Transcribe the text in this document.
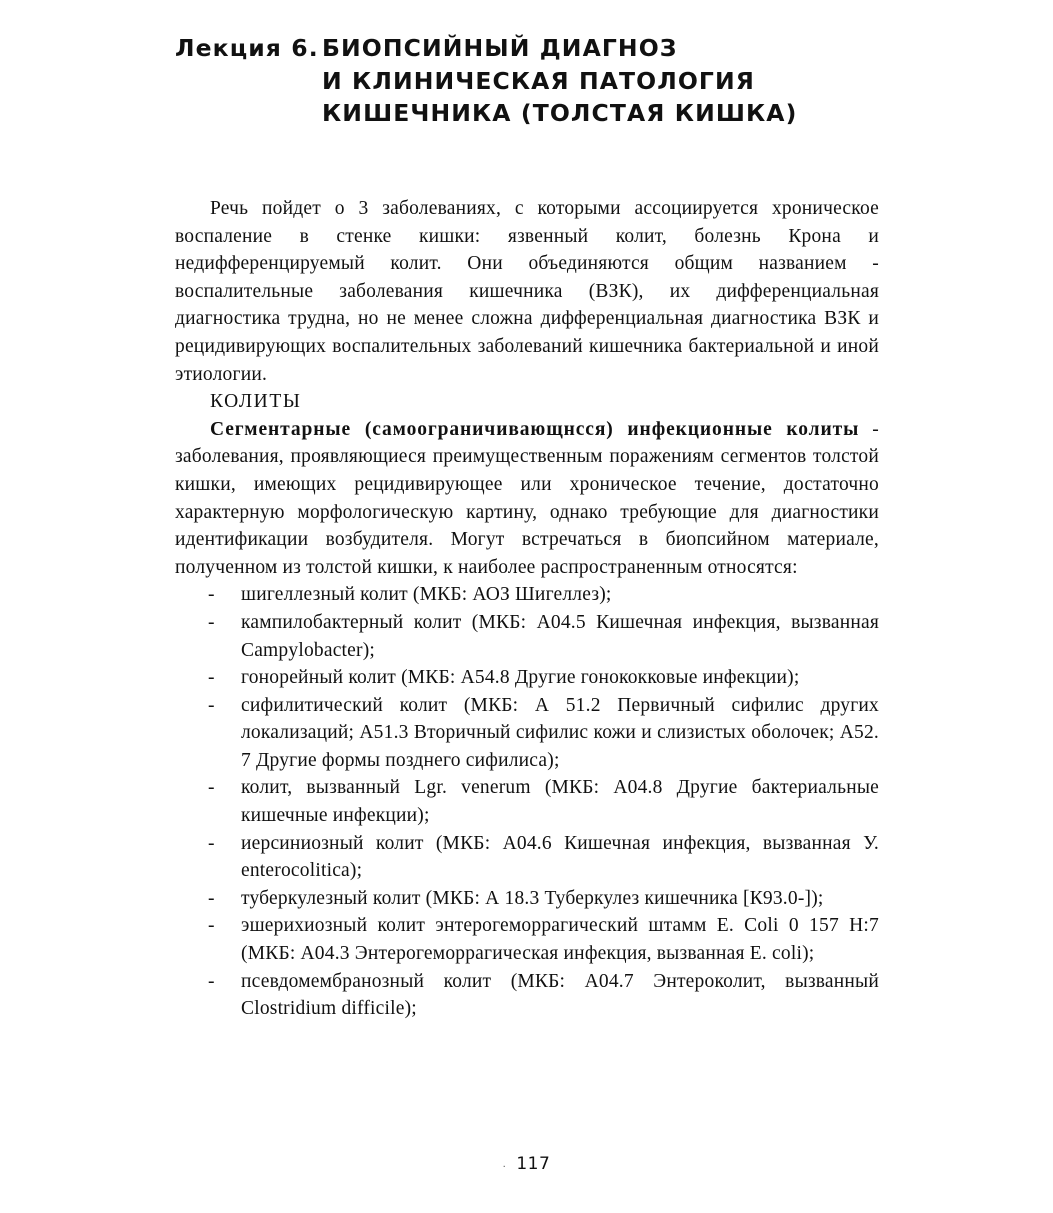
Лекция 6. БИОПСИЙНЫЙ ДИАГНОЗ
И КЛИНИЧЕСКАЯ ПАТОЛОГИЯ
КИШЕЧНИКА (ТОЛСТАЯ КИШКА)

Речь пойдет о 3 заболеваниях, с которыми ассоциируется хроническое воспаление в стенке кишки: язвенный колит, болезнь Крона и недифференцируемый колит. Они объединяются общим названием - воспалительные заболевания кишечника (ВЗК), их дифференциальная диагностика трудна, но не менее сложна дифференциальная диагностика ВЗК и рецидивирующих воспалительных заболеваний кишечника бактериальной и иной этиологии.

КОЛИТЫ

Сегментарные (самоограничивающнсся) инфекционные колиты - заболевания, проявляющиеся преимущественным поражениям сегментов толстой кишки, имеющих рецидивирующее или хроническое течение, достаточно характерную морфологическую картину, однако требующие для диагностики идентификации возбудителя. Могут встречаться в биопсийном материале, полученном из толстой кишки, к наиболее распространенным относятся:

- шигеллезный колит (МКБ: АОЗ Шигеллез);
- кампилобактерный колит (МКБ: А04.5 Кишечная инфекция, вызванная Campylobacter);
- гонорейный колит (МКБ: А54.8 Другие гонококковые инфекции);
- сифилитический колит (МКБ: А 51.2 Первичный сифилис других локализаций; А51.3 Вторичный сифилис кожи и слизистых оболочек; А52. 7 Другие формы позднего сифилиса);
- колит, вызванный Lgr. venerum (МКБ: А04.8 Другие бактериальные кишечные инфекции);
- иерсиниозный колит (МКБ: А04.6 Кишечная инфекция, вызванная У. enterocolitica);
- туберкулезный колит (МКБ: А 18.3 Туберкулез кишечника [К93.0-]);
- эшерихиозный колит энтерогеморрагический штамм E. Coli 0 157 Н:7 (МКБ: А04.3 Энтерогеморрагическая инфекция, вызванная E. coli);
- псевдомембранозный колит (МКБ: А04.7 Энтероколит, вызванный Clostridium difficile);
. 117
